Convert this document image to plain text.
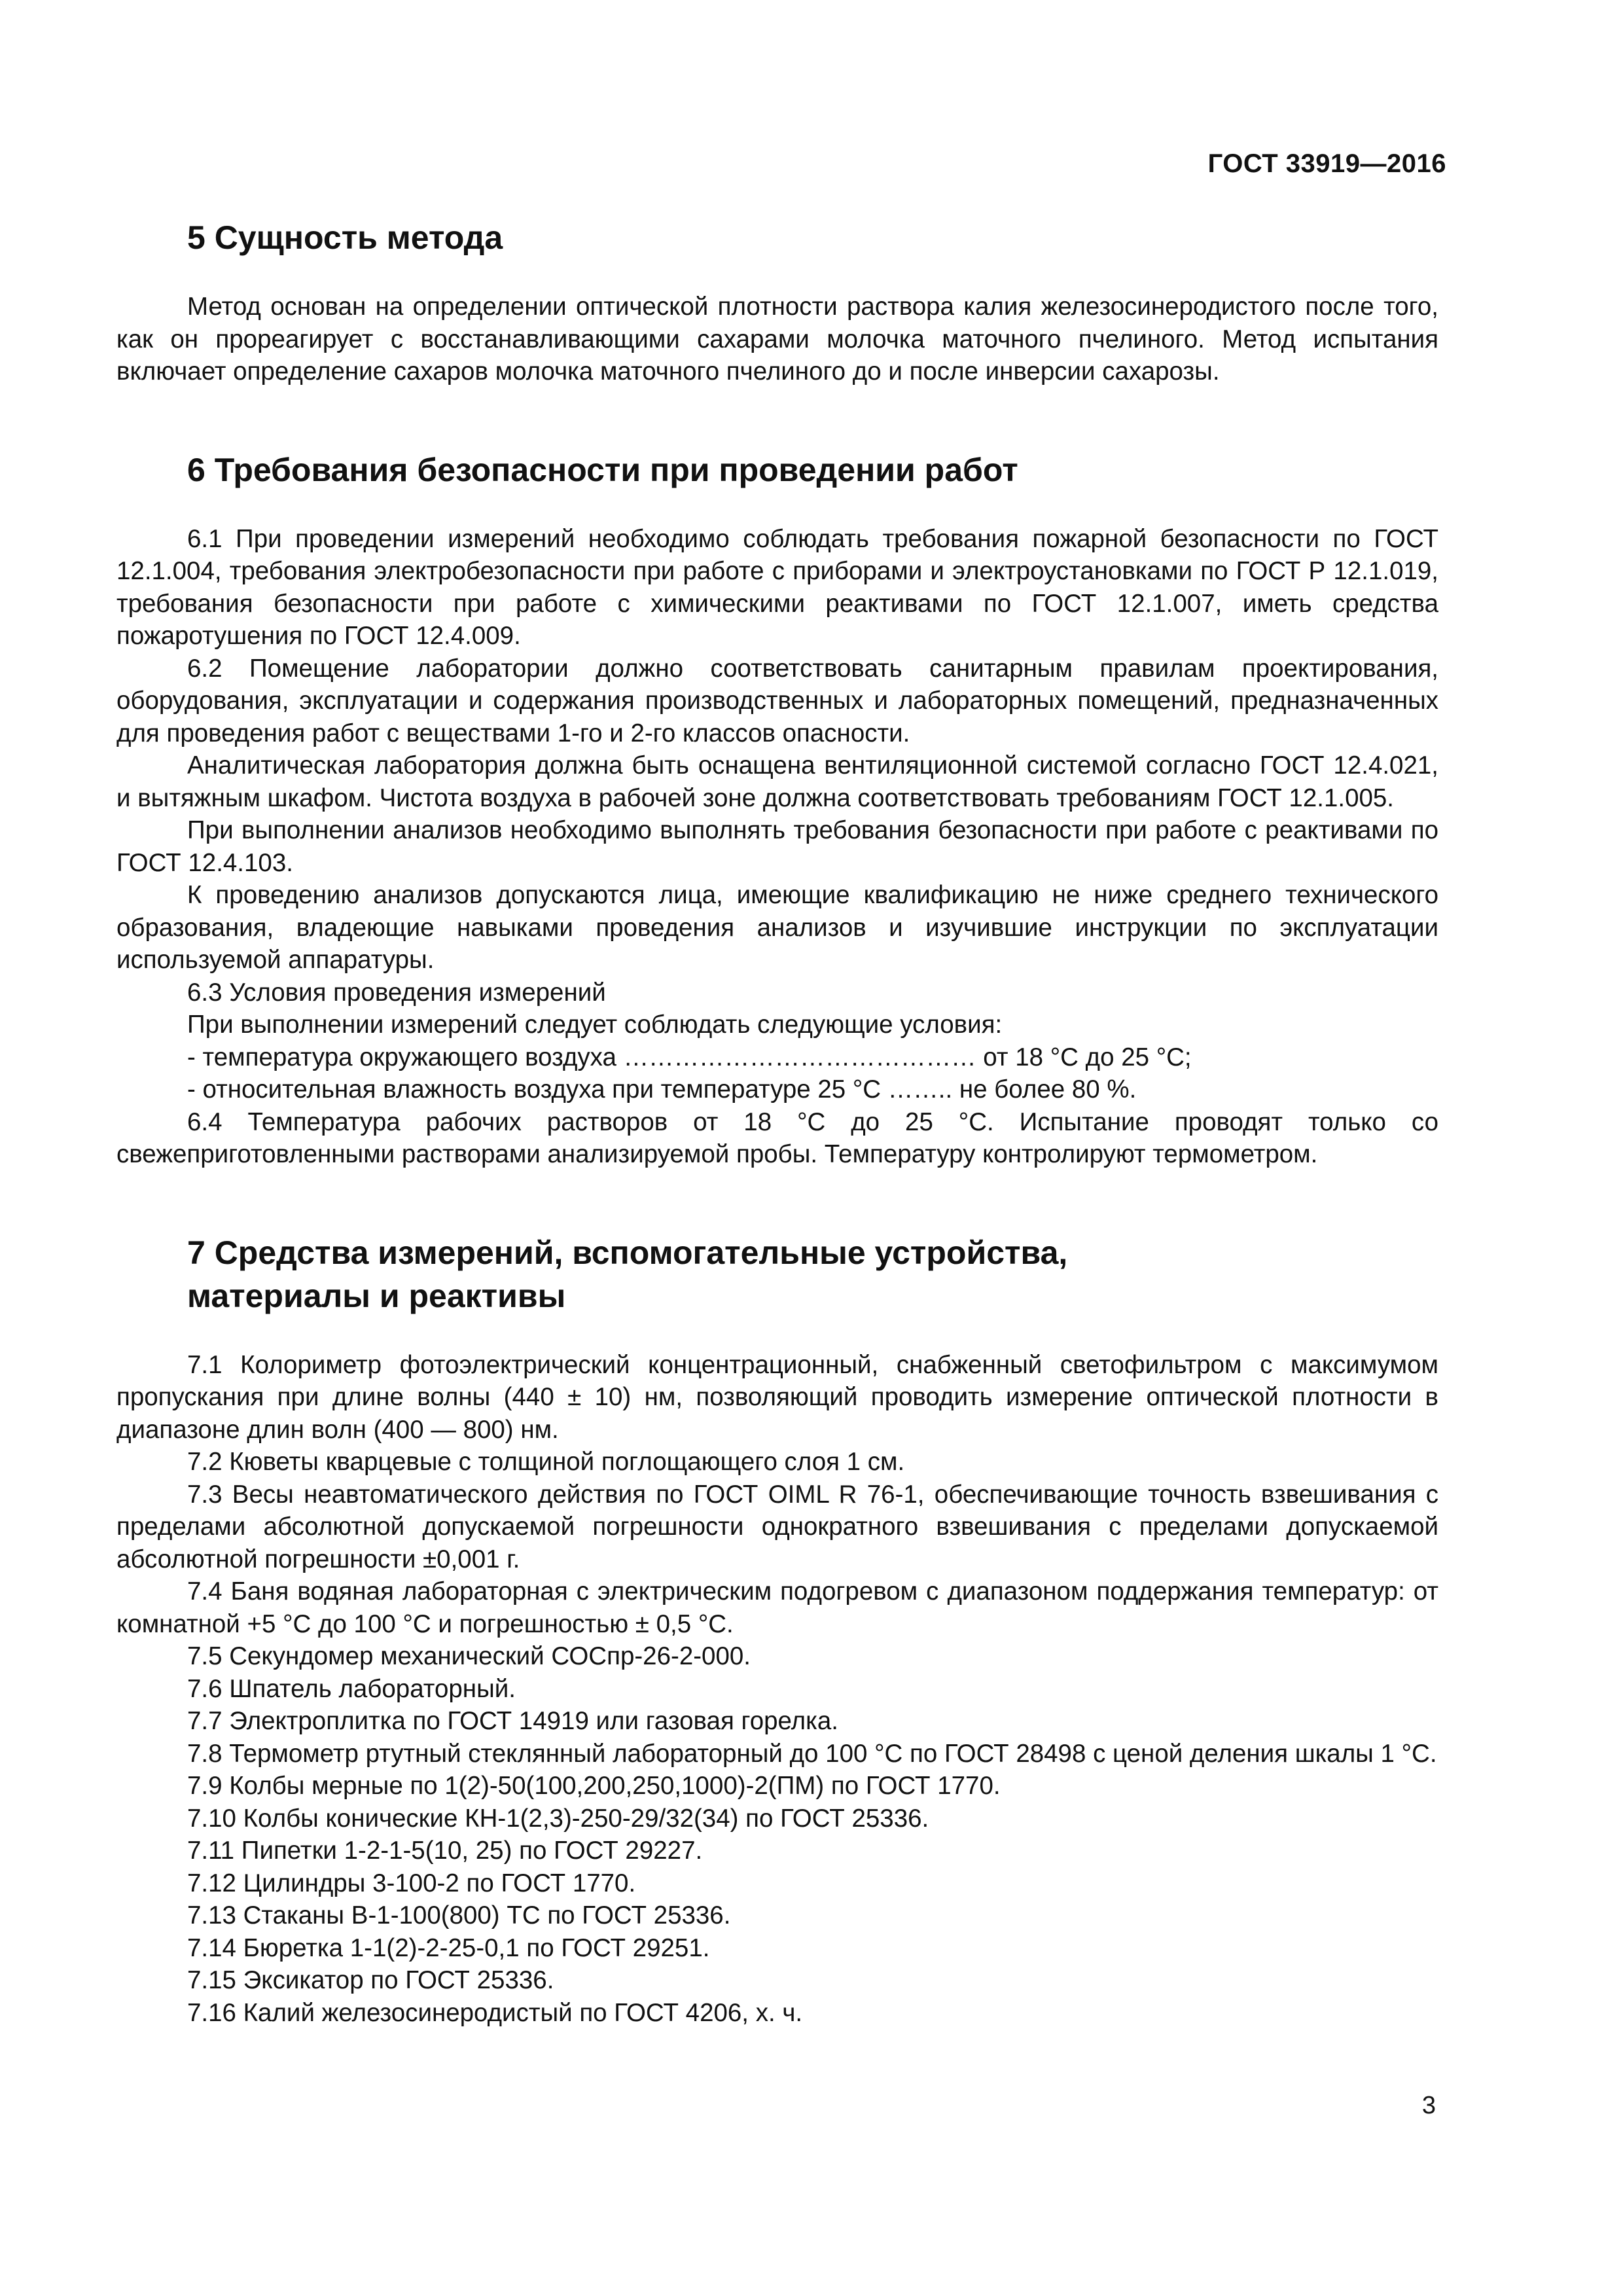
ГОСТ 33919—2016
5 Сущность метода

Метод основан на определении оптической плотности раствора калия железосинеродистого после того, как он прореагирует с восстанавливающими сахарами молочка маточного пчелиного. Метод испытания включает определение сахаров молочка маточного пчелиного до и после инверсии сахарозы.

6 Требования безопасности при проведении работ

6.1 При проведении измерений необходимо соблюдать требования пожарной безопасности по ГОСТ 12.1.004, требования электробезопасности при работе с приборами и электроустановками по ГОСТ Р 12.1.019, требования безопасности при работе с химическими реактивами по ГОСТ 12.1.007, иметь средства пожаротушения по ГОСТ 12.4.009.

6.2 Помещение лаборатории должно соответствовать санитарным правилам проектирования, оборудования, эксплуатации и содержания производственных и лабораторных помещений, предназначенных для проведения работ с веществами 1-го и 2-го классов опасности.

Аналитическая лаборатория должна быть оснащена вентиляционной системой согласно ГОСТ 12.4.021, и вытяжным шкафом. Чистота воздуха в рабочей зоне должна соответствовать требованиям ГОСТ 12.1.005.

При выполнении анализов необходимо выполнять требования безопасности при работе с реактивами по ГОСТ 12.4.103.

К проведению анализов допускаются лица, имеющие квалификацию не ниже среднего технического образования, владеющие навыками проведения анализов и изучившие инструкции по эксплуатации используемой аппаратуры.

6.3 Условия проведения измерений

При выполнении измерений следует соблюдать следующие условия:

- температура окружающего воздуха …………………………………… от 18 °С до 25 °С;

- относительная влажность воздуха при температуре 25 °С …….. не более 80 %.

6.4 Температура рабочих растворов от 18 °С до 25 °С. Испытание проводят только со свежеприготовленными растворами анализируемой пробы. Температуру контролируют термометром.

7 Средства измерений, вспомогательные устройства,
материалы и реактивы

7.1 Колориметр фотоэлектрический концентрационный, снабженный светофильтром с максимумом пропускания при длине волны (440 ± 10) нм, позволяющий проводить измерение оптической плотности в диапазоне длин волн (400 — 800) нм.

7.2 Кюветы кварцевые с толщиной поглощающего слоя 1 см.

7.3 Весы неавтоматического действия по ГОСТ OIML R 76-1, обеспечивающие точность взвешивания с пределами абсолютной допускаемой погрешности однократного взвешивания с пределами допускаемой абсолютной погрешности ±0,001 г.

7.4 Баня водяная лабораторная с электрическим подогревом с диапазоном поддержания температур: от комнатной +5 °С до 100 °С и погрешностью ± 0,5 °С.

7.5 Секундомер механический СОСпр-26-2-000.

7.6 Шпатель лабораторный.

7.7 Электроплитка по ГОСТ 14919 или газовая горелка.

7.8 Термометр ртутный стеклянный лабораторный до 100 °С по ГОСТ 28498 с ценой деления шкалы 1 °С.

7.9 Колбы мерные по 1(2)-50(100,200,250,1000)-2(ПМ) по ГОСТ 1770.

7.10 Колбы конические КН-1(2,3)-250-29/32(34) по ГОСТ 25336.

7.11 Пипетки 1-2-1-5(10, 25) по ГОСТ 29227.

7.12 Цилиндры 3-100-2 по ГОСТ 1770.

7.13 Стаканы В-1-100(800) ТС по ГОСТ 25336.

7.14 Бюретка 1-1(2)-2-25-0,1 по ГОСТ 29251.

7.15 Эксикатор по ГОСТ 25336.

7.16 Калий железосинеродистый по ГОСТ 4206, х. ч.

3
